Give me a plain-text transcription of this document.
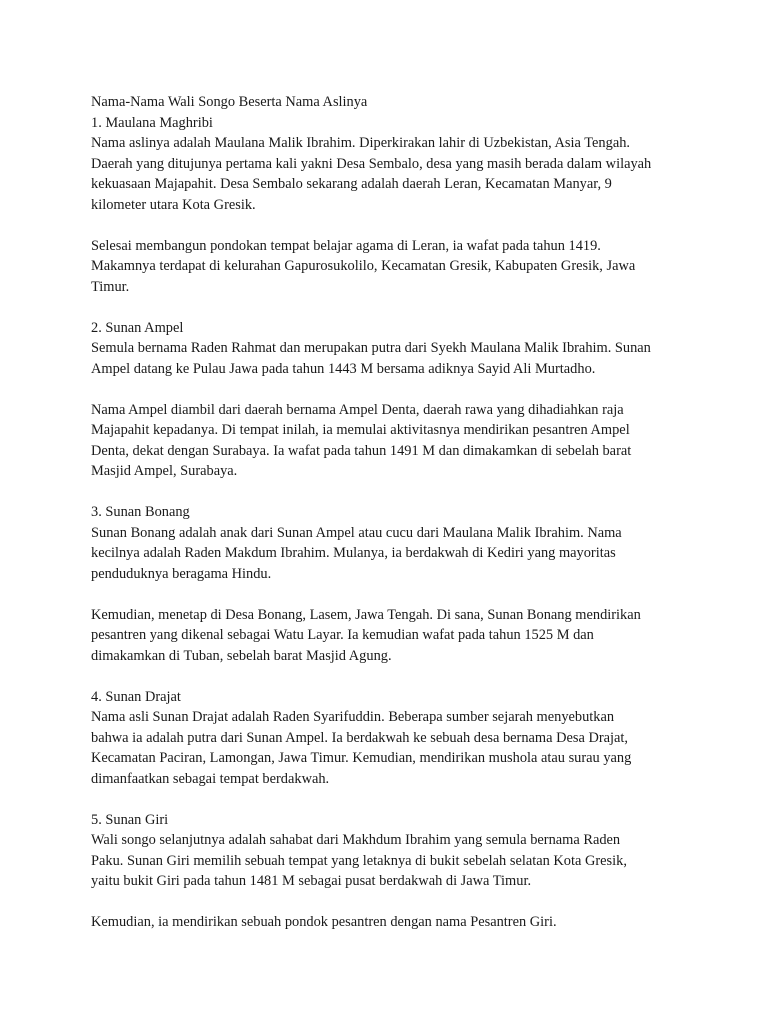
Nama-Nama Wali Songo Beserta Nama Aslinya
1. Maulana Maghribi
Nama aslinya adalah Maulana Malik Ibrahim. Diperkirakan lahir di Uzbekistan, Asia Tengah.
Daerah yang ditujunya pertama kali yakni Desa Sembalo, desa yang masih berada dalam wilayah
kekuasaan Majapahit. Desa Sembalo sekarang adalah daerah Leran, Kecamatan Manyar, 9
kilometer utara Kota Gresik.
Selesai membangun pondokan tempat belajar agama di Leran, ia wafat pada tahun 1419.
Makamnya terdapat di kelurahan Gapurosukolilo, Kecamatan Gresik, Kabupaten Gresik, Jawa
Timur.
2. Sunan Ampel
Semula bernama Raden Rahmat dan merupakan putra dari Syekh Maulana Malik Ibrahim. Sunan
Ampel datang ke Pulau Jawa pada tahun 1443 M bersama adiknya Sayid Ali Murtadho.
Nama Ampel diambil dari daerah bernama Ampel Denta, daerah rawa yang dihadiahkan raja
Majapahit kepadanya. Di tempat inilah, ia memulai aktivitasnya mendirikan pesantren Ampel
Denta, dekat dengan Surabaya. Ia wafat pada tahun 1491 M dan dimakamkan di sebelah barat
Masjid Ampel, Surabaya.
3. Sunan Bonang
Sunan Bonang adalah anak dari Sunan Ampel atau cucu dari Maulana Malik Ibrahim. Nama
kecilnya adalah Raden Makdum Ibrahim. Mulanya, ia berdakwah di Kediri yang mayoritas
penduduknya beragama Hindu.
Kemudian, menetap di Desa Bonang, Lasem, Jawa Tengah. Di sana, Sunan Bonang mendirikan
pesantren yang dikenal sebagai Watu Layar. Ia kemudian wafat pada tahun 1525 M dan
dimakamkan di Tuban, sebelah barat Masjid Agung.
4. Sunan Drajat
Nama asli Sunan Drajat adalah Raden Syarifuddin. Beberapa sumber sejarah menyebutkan
bahwa ia adalah putra dari Sunan Ampel. Ia berdakwah ke sebuah desa bernama Desa Drajat,
Kecamatan Paciran, Lamongan, Jawa Timur. Kemudian, mendirikan mushola atau surau yang
dimanfaatkan sebagai tempat berdakwah.
5. Sunan Giri
Wali songo selanjutnya adalah sahabat dari Makhdum Ibrahim yang semula bernama Raden
Paku. Sunan Giri memilih sebuah tempat yang letaknya di bukit sebelah selatan Kota Gresik,
yaitu bukit Giri pada tahun 1481 M sebagai pusat berdakwah di Jawa Timur.
Kemudian, ia mendirikan sebuah pondok pesantren dengan nama Pesantren Giri.
